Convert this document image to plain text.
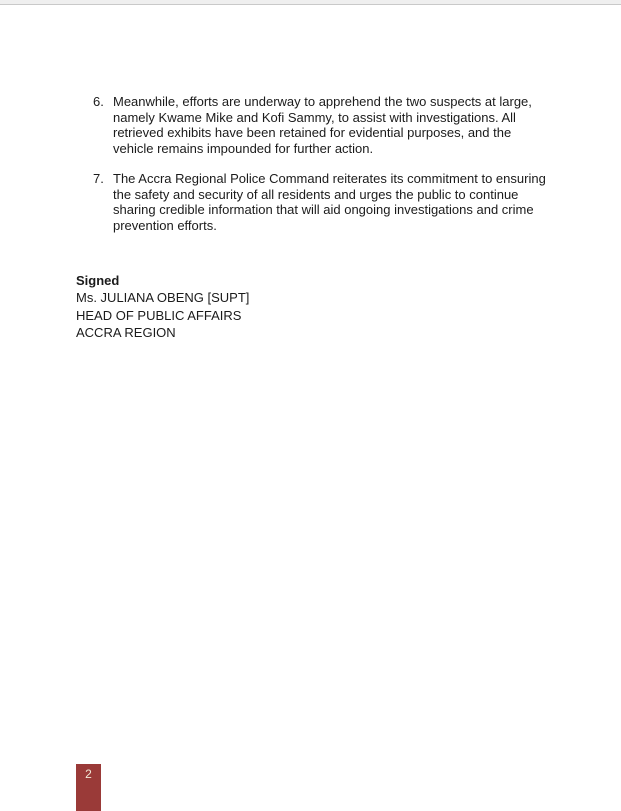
6. Meanwhile, efforts are underway to apprehend the two suspects at large, namely Kwame Mike and Kofi Sammy, to assist with investigations. All retrieved exhibits have been retained for evidential purposes, and the vehicle remains impounded for further action.
7. The Accra Regional Police Command reiterates its commitment to ensuring the safety and security of all residents and urges the public to continue sharing credible information that will aid ongoing investigations and crime prevention efforts.
Signed
Ms. JULIANA OBENG [SUPT]
HEAD OF PUBLIC AFFAIRS
ACCRA REGION
2
